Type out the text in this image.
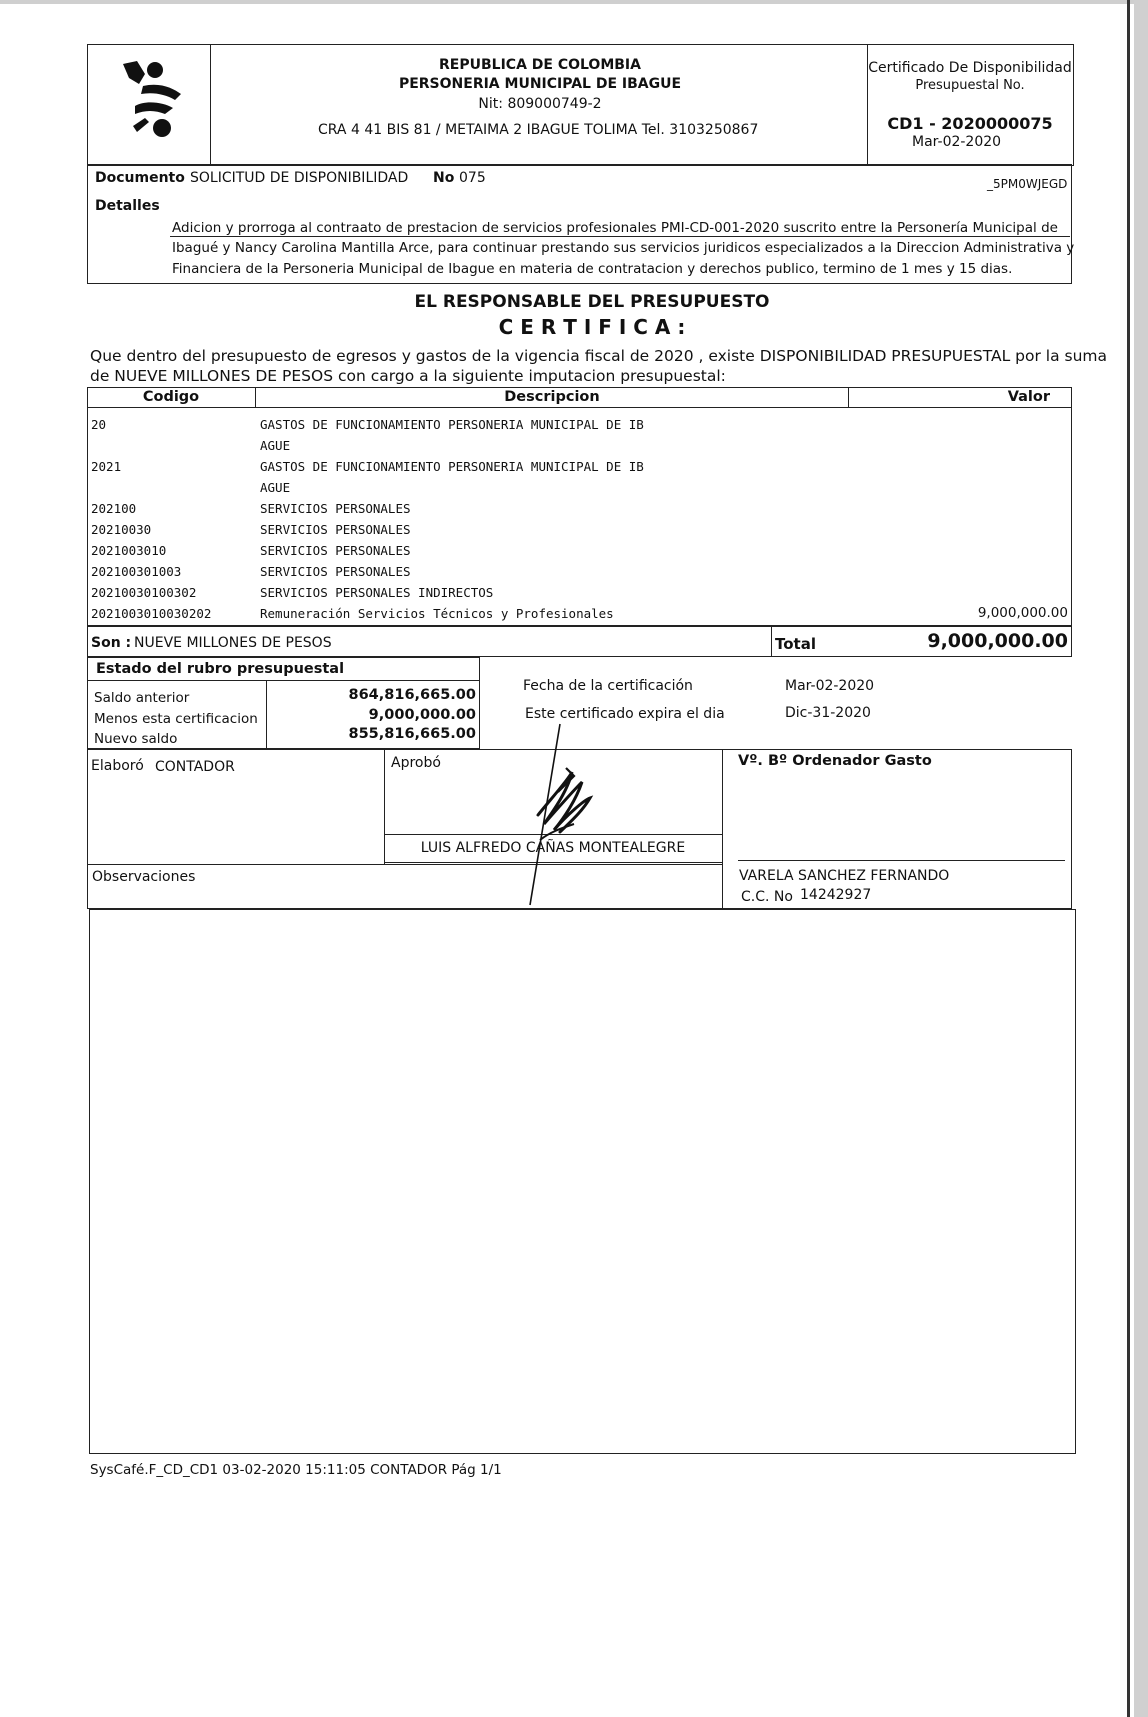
REPUBLICA DE COLOMBIA
PERSONERIA MUNICIPAL DE IBAGUE
Nit: 809000749-2
CRA 4 41 BIS 81 / METAIMA 2 IBAGUE TOLIMA Tel. 3103250867
Certificado De Disponibilidad
Presupuestal No.
CD1 - 2020000075
Mar-02-2020
Documento SOLICITUD DE DISPONIBILIDAD No 075	_5PM0WJEGD
Detalles
Adicion y prorroga al contraato de prestacion de servicios profesionales PMI-CD-001-2020 suscrito entre la Personería Municipal de
Ibagué y Nancy Carolina Mantilla Arce, para continuar prestando sus servicios juridicos especializados a la Direccion Administrativa y
Financiera de la Personeria Municipal de Ibague en materia de contratacion y derechos publico, termino de 1 mes y 15 dias.
EL RESPONSABLE DEL PRESUPUESTO
C E R T I F I C A :
Que dentro del presupuesto de egresos y gastos de la vigencia fiscal de 2020 , existe DISPONIBILIDAD PRESUPUESTAL por la suma
de NUEVE MILLONES DE PESOS con cargo a la siguiente imputacion presupuestal:
Codigo	Descripcion	Valor
20	GASTOS DE FUNCIONAMIENTO PERSONERIA MUNICIPAL DE IB
AGUE
2021	GASTOS DE FUNCIONAMIENTO PERSONERIA MUNICIPAL DE IB
AGUE
202100	SERVICIOS PERSONALES
20210030	SERVICIOS PERSONALES
2021003010	SERVICIOS PERSONALES
202100301003	SERVICIOS PERSONALES
20210030100302	SERVICIOS PERSONALES INDIRECTOS
2021003010030202	Remuneración Servicios Técnicos y Profesionales	9,000,000.00
Son : NUEVE MILLONES DE PESOS	Total	9,000,000.00
Estado del rubro presupuestal
Saldo anterior	864,816,665.00
Menos esta certificacion	9,000,000.00
Nuevo saldo	855,816,665.00
Fecha de la certificación	Mar-02-2020
Este certificado expira el dia	Dic-31-2020
Elaboró CONTADOR	Aprobó
LUIS ALFREDO CAÑAS MONTEALEGRE
Vº. Bº Ordenador Gasto
VARELA SANCHEZ FERNANDO
C.C. No 14242927
Observaciones
SysCafé.F_CD_CD1 03-02-2020 15:11:05 CONTADOR Pág 1/1
